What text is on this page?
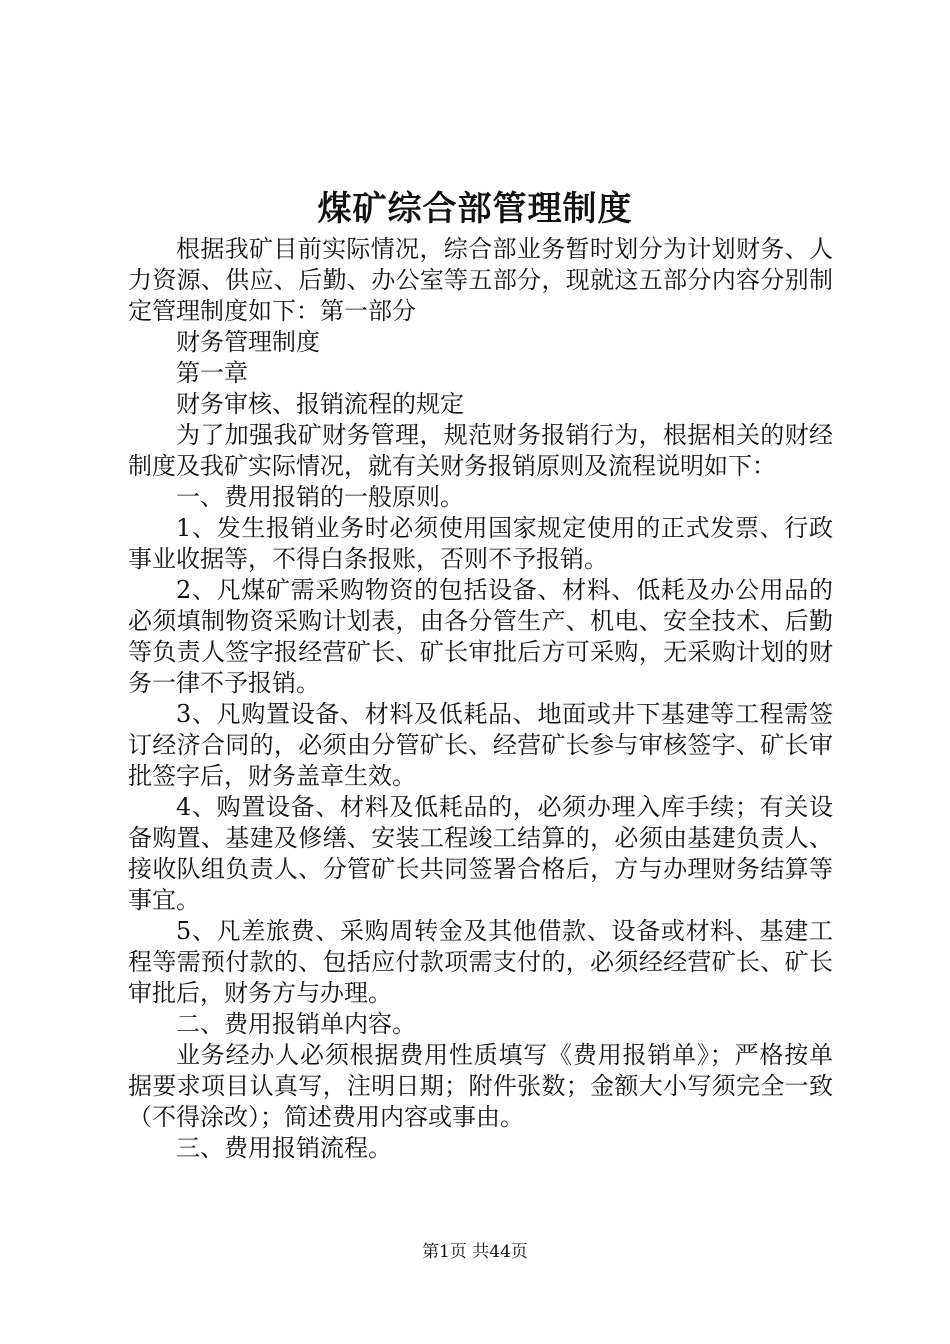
煤矿综合部管理制度

根据我矿目前实际情况，综合部业务暂时划分为计划财务、人力资源、供应、后勤、办公室等五部分，现就这五部分内容分别制定管理制度如下：第一部分

财务管理制度

第一章

财务审核、报销流程的规定

为了加强我矿财务管理，规范财务报销行为，根据相关的财经制度及我矿实际情况，就有关财务报销原则及流程说明如下：

一、费用报销的一般原则。

1、发生报销业务时必须使用国家规定使用的正式发票、行政事业收据等，不得白条报账，否则不予报销。

2、凡煤矿需采购物资的包括设备、材料、低耗及办公用品的必须填制物资采购计划表，由各分管生产、机电、安全技术、后勤等负责人签字报经营矿长、矿长审批后方可采购，无采购计划的财务一律不予报销。

3、凡购置设备、材料及低耗品、地面或井下基建等工程需签订经济合同的，必须由分管矿长、经营矿长参与审核签字、矿长审批签字后，财务盖章生效。

4、购置设备、材料及低耗品的，必须办理入库手续；有关设备购置、基建及修缮、安装工程竣工结算的，必须由基建负责人、接收队组负责人、分管矿长共同签署合格后，方与办理财务结算等事宜。

5、凡差旅费、采购周转金及其他借款、设备或材料、基建工程等需预付款的、包括应付款项需支付的，必须经经营矿长、矿长审批后，财务方与办理。

二、费用报销单内容。

业务经办人必须根据费用性质填写《费用报销单》；严格按单据要求项目认真写，注明日期；附件张数；金额大小写须完全一致（不得涂改）；简述费用内容或事由。

三、费用报销流程。

第1页 共44页
